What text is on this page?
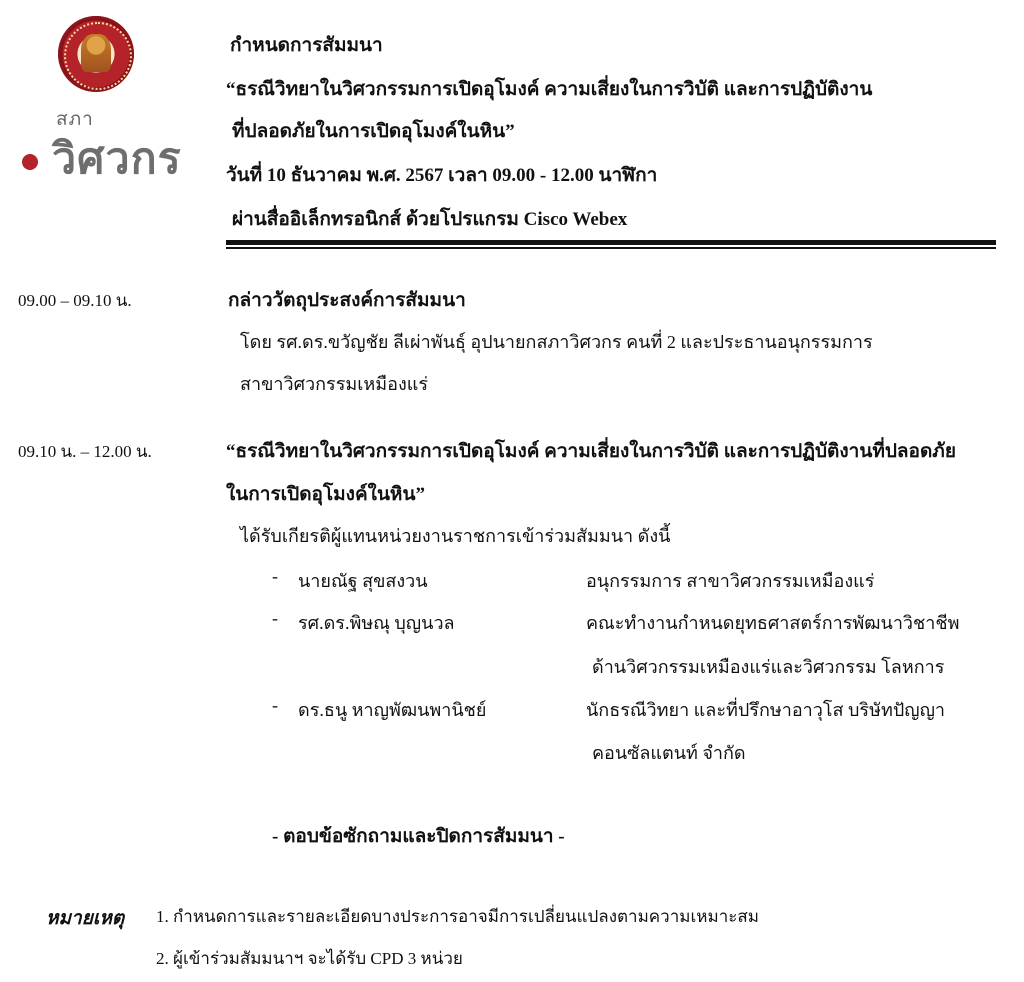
สภา
วิศวกร
กำหนดการสัมมนา
“ธรณีวิทยาในวิศวกรรมการเปิดอุโมงค์ ความเสี่ยงในการวิบัติ และการปฏิบัติงาน
ที่ปลอดภัยในการเปิดอุโมงค์ในหิน”
วันที่ 10 ธันวาคม พ.ศ. 2567 เวลา 09.00 - 12.00 นาฬิกา
ผ่านสื่ออิเล็กทรอนิกส์ ด้วยโปรแกรม Cisco Webex
09.00 – 09.10 น.	กล่าววัตถุประสงค์การสัมมนา
โดย รศ.ดร.ขวัญชัย ลีเผ่าพันธุ์ อุปนายกสภาวิศวกร คนที่ 2 และประธานอนุกรรมการ
สาขาวิศวกรรมเหมืองแร่
09.10 น. – 12.00 น.	“ธรณีวิทยาในวิศวกรรมการเปิดอุโมงค์ ความเสี่ยงในการวิบัติ และการปฏิบัติงานที่ปลอดภัย
ในการเปิดอุโมงค์ในหิน”
ได้รับเกียรติผู้แทนหน่วยงานราชการเข้าร่วมสัมมนา ดังนี้
- นายณัฐ สุขสงวน	อนุกรรมการ สาขาวิศวกรรมเหมืองแร่
- รศ.ดร.พิษณุ บุญนวล	คณะทำงานกำหนดยุทธศาสตร์การพัฒนาวิชาชีพ
ด้านวิศวกรรมเหมืองแร่และวิศวกรรม โลหการ
- ดร.ธนู หาญพัฒนพานิชย์	นักธรณีวิทยา และที่ปรึกษาอาวุโส บริษัทปัญญา
คอนซัลแตนท์ จำกัด
- ตอบข้อซักถามและปิดการสัมมนา -
หมายเหตุ 1. กำหนดการและรายละเอียดบางประการอาจมีการเปลี่ยนแปลงตามความเหมาะสม
2. ผู้เข้าร่วมสัมมนาฯ จะได้รับ CPD 3 หน่วย
